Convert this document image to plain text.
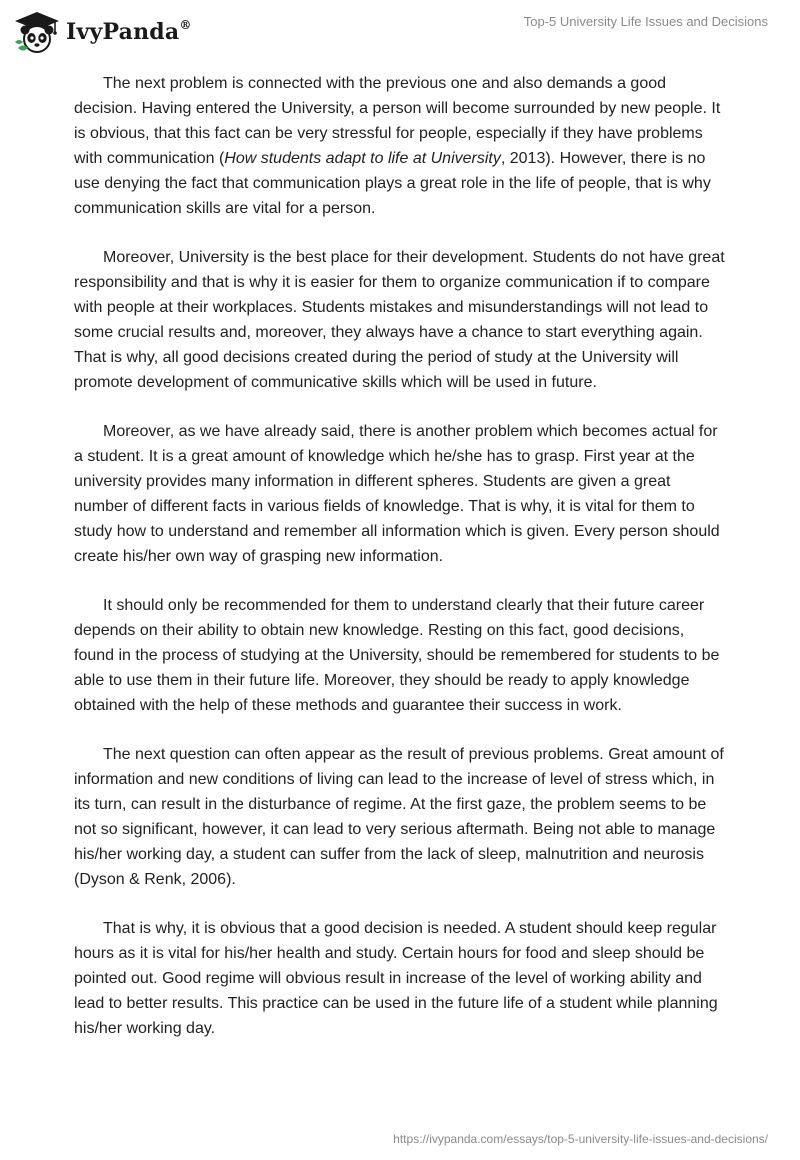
IvyPanda®	Top-5 University Life Issues and Decisions

The next problem is connected with the previous one and also demands a good decision. Having entered the University, a person will become surrounded by new people. It is obvious, that this fact can be very stressful for people, especially if they have problems with communication (How students adapt to life at University, 2013). However, there is no use denying the fact that communication plays a great role in the life of people, that is why communication skills are vital for a person.

Moreover, University is the best place for their development. Students do not have great responsibility and that is why it is easier for them to organize communication if to compare with people at their workplaces. Students mistakes and misunderstandings will not lead to some crucial results and, moreover, they always have a chance to start everything again. That is why, all good decisions created during the period of study at the University will promote development of communicative skills which will be used in future.

Moreover, as we have already said, there is another problem which becomes actual for a student. It is a great amount of knowledge which he/she has to grasp. First year at the university provides many information in different spheres. Students are given a great number of different facts in various fields of knowledge. That is why, it is vital for them to study how to understand and remember all information which is given. Every person should create his/her own way of grasping new information.

It should only be recommended for them to understand clearly that their future career depends on their ability to obtain new knowledge. Resting on this fact, good decisions, found in the process of studying at the University, should be remembered for students to be able to use them in their future life. Moreover, they should be ready to apply knowledge obtained with the help of these methods and guarantee their success in work.

The next question can often appear as the result of previous problems. Great amount of information and new conditions of living can lead to the increase of level of stress which, in its turn, can result in the disturbance of regime. At the first gaze, the problem seems to be not so significant, however, it can lead to very serious aftermath. Being not able to manage his/her working day, a student can suffer from the lack of sleep, malnutrition and neurosis (Dyson & Renk, 2006).

That is why, it is obvious that a good decision is needed. A student should keep regular hours as it is vital for his/her health and study. Certain hours for food and sleep should be pointed out. Good regime will obvious result in increase of the level of working ability and lead to better results. This practice can be used in the future life of a student while planning his/her working day.

https://ivypanda.com/essays/top-5-university-life-issues-and-decisions/
